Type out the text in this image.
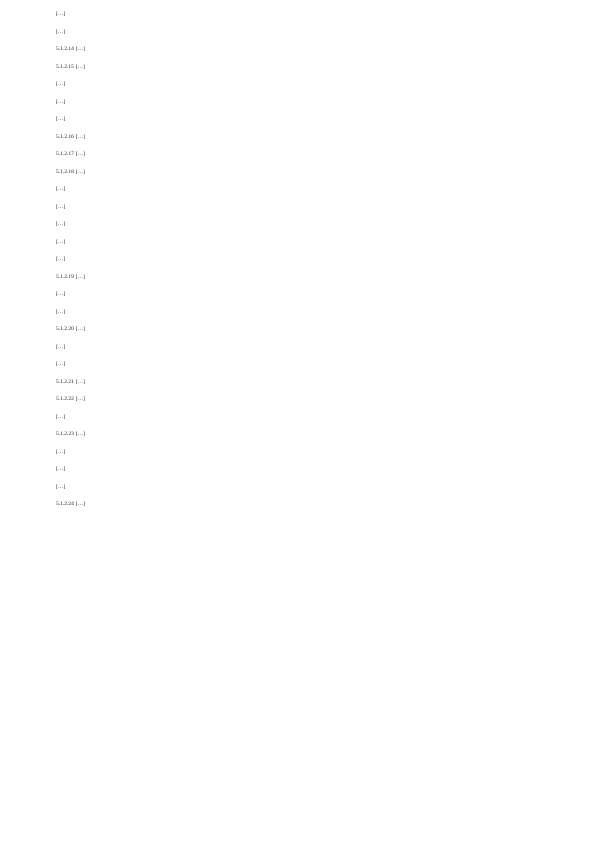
[…]

[…]

5.1.2.14 […]

5.1.2.15 […]

[…]

[…]

[…]

5.1.2.16 […]

5.1.2.17 […]

5.1.2.18 […]

[…]

[…]

[…]

[…]

[…]

5.1.2.19 […]

[…]

[…]

5.1.2.20 […]

[…]

[…]

5.1.2.21 […]

5.1.2.22 […]

[…]

5.1.2.23 […]

[…]

[…]

[…]

5.1.2.24 […]
